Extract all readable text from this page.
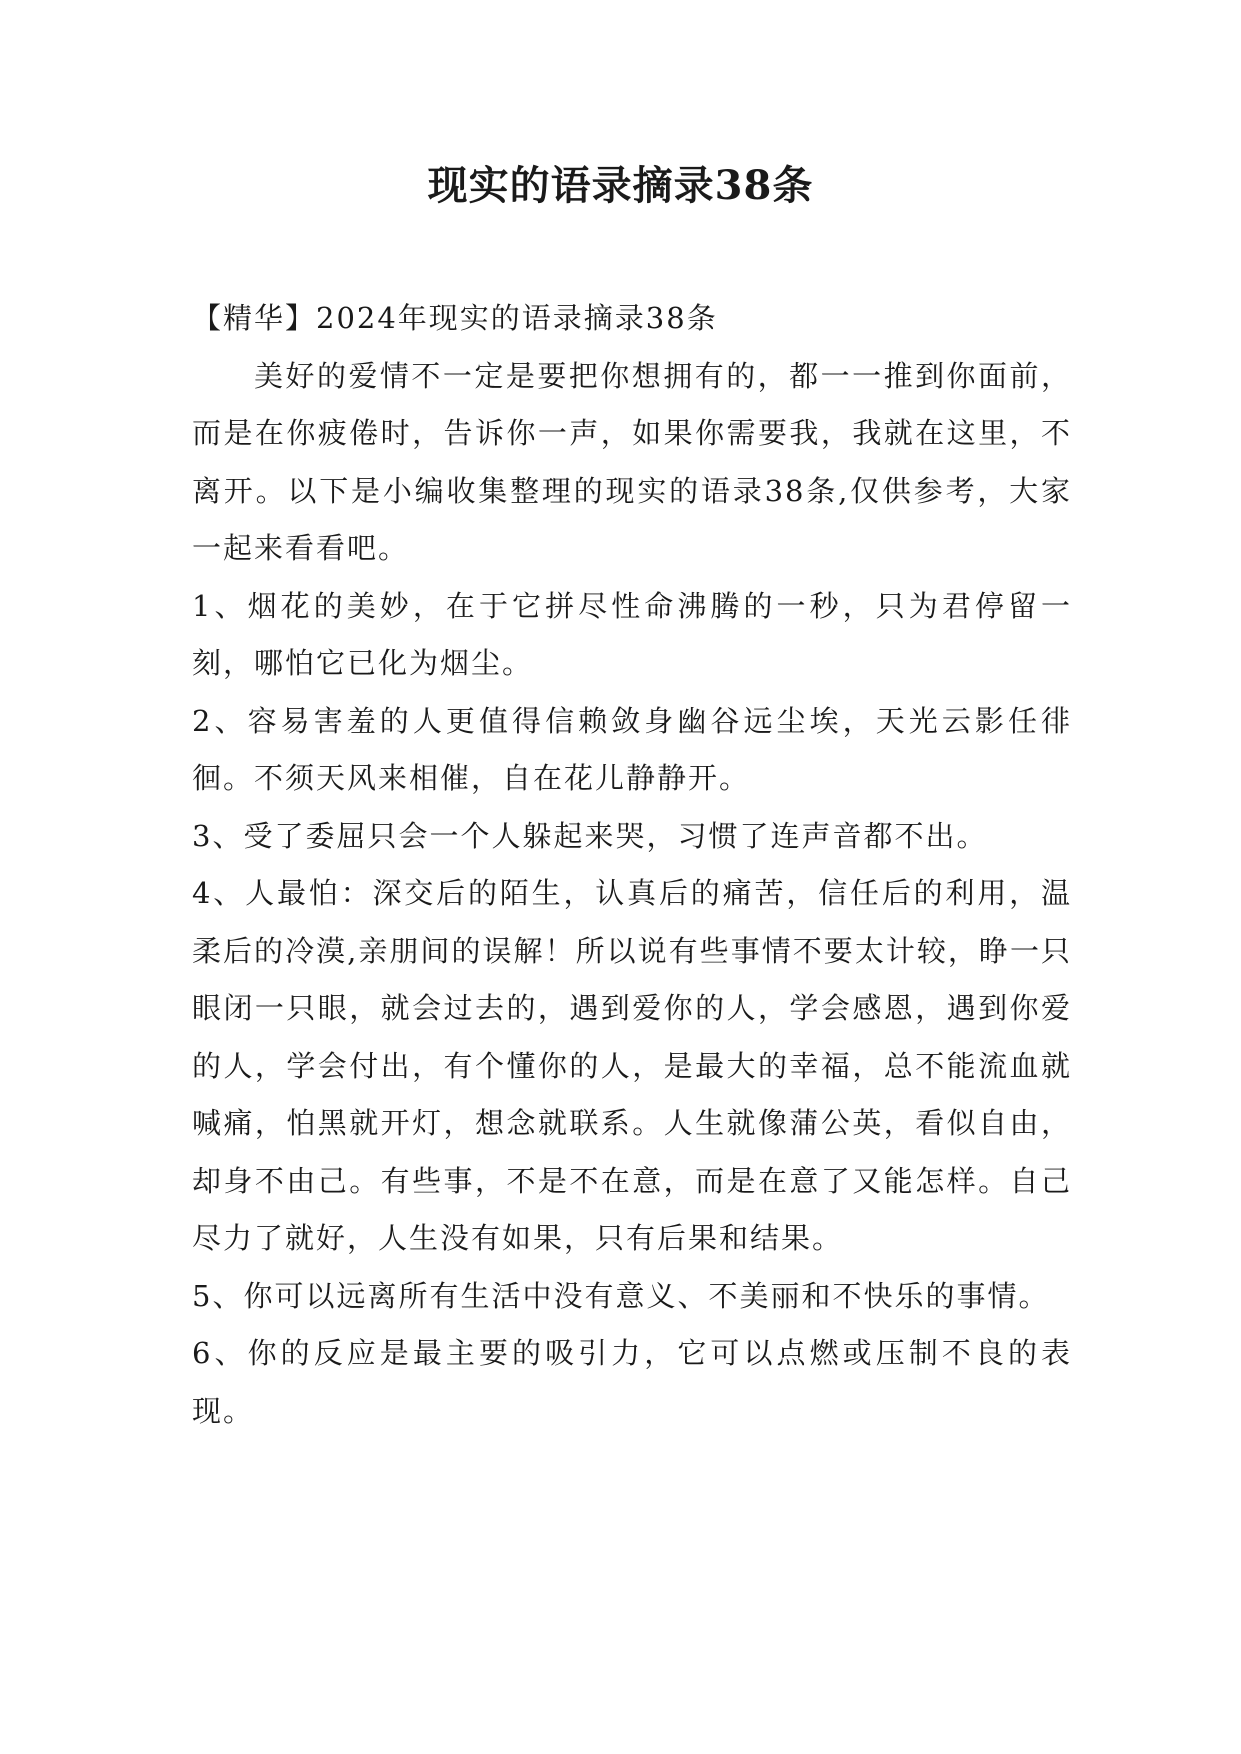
现实的语录摘录38条

【精华】2024年现实的语录摘录38条

美好的爱情不一定是要把你想拥有的，都一一推到你面前，而是在你疲倦时，告诉你一声，如果你需要我，我就在这里，不离开。以下是小编收集整理的现实的语录38条,仅供参考，大家一起来看看吧。

1、烟花的美妙，在于它拼尽性命沸腾的一秒，只为君停留一刻，哪怕它已化为烟尘。

2、容易害羞的人更值得信赖敛身幽谷远尘埃，天光云影任徘徊。不须天风来相催，自在花儿静静开。

3、受了委屈只会一个人躲起来哭，习惯了连声音都不出。

4、人最怕：深交后的陌生，认真后的痛苦，信任后的利用，温柔后的冷漠,亲朋间的误解！所以说有些事情不要太计较，睁一只眼闭一只眼，就会过去的，遇到爱你的人，学会感恩，遇到你爱的人，学会付出，有个懂你的人，是最大的幸福，总不能流血就喊痛，怕黑就开灯，想念就联系。人生就像蒲公英，看似自由，却身不由己。有些事，不是不在意，而是在意了又能怎样。自己尽力了就好，人生没有如果，只有后果和结果。

5、你可以远离所有生活中没有意义、不美丽和不快乐的事情。

6、你的反应是最主要的吸引力，它可以点燃或压制不良的表现。
